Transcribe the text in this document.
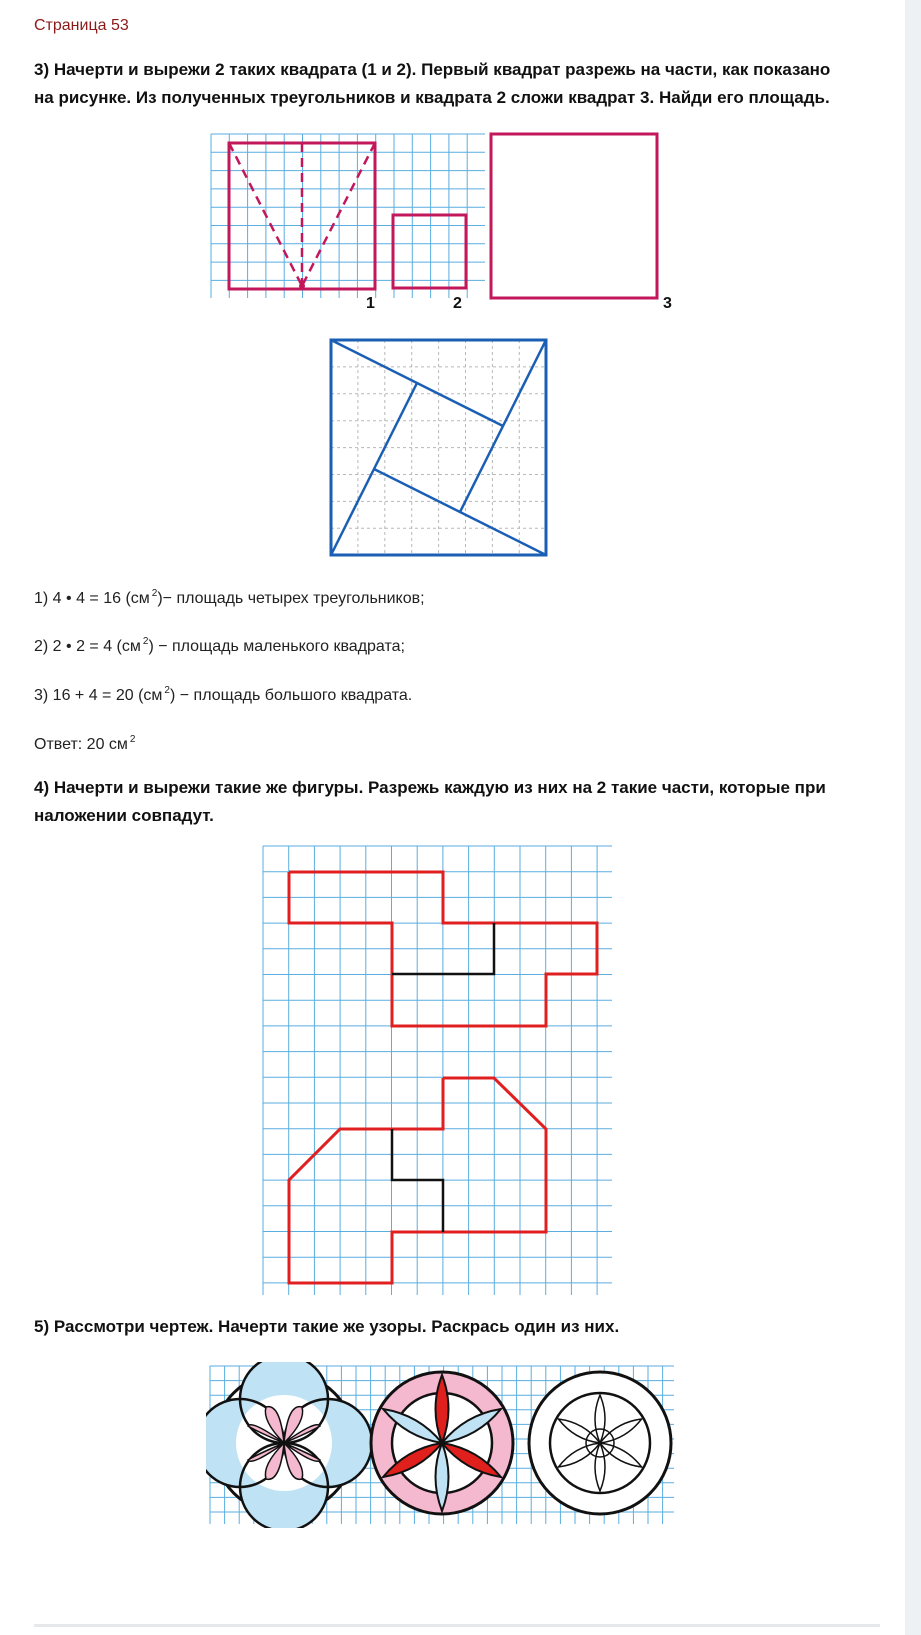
Страница 53
3) Начерти и вырежи 2 таких квадрата (1 и 2). Первый квадрат разрежь на части, как показано
на рисунке. Из полученных треугольников и квадрата 2 сложи квадрат 3. Найди его площадь.
1	2	3
1) 4 • 4 = 16 (см $^2$)− площадь четырех треугольников;
2) 2 • 2 = 4 (см $^2$) − площадь маленького квадрата;
3) 16 + 4 = 20 (см $^2$) − площадь большого квадрата.
Ответ: 20 см $^2$
4) Начерти и вырежи такие же фигуры. Разрежь каждую из них на 2 такие части, которые при
наложении совпадут.
5) Рассмотри чертеж. Начерти такие же узоры. Раскрась один из них.
